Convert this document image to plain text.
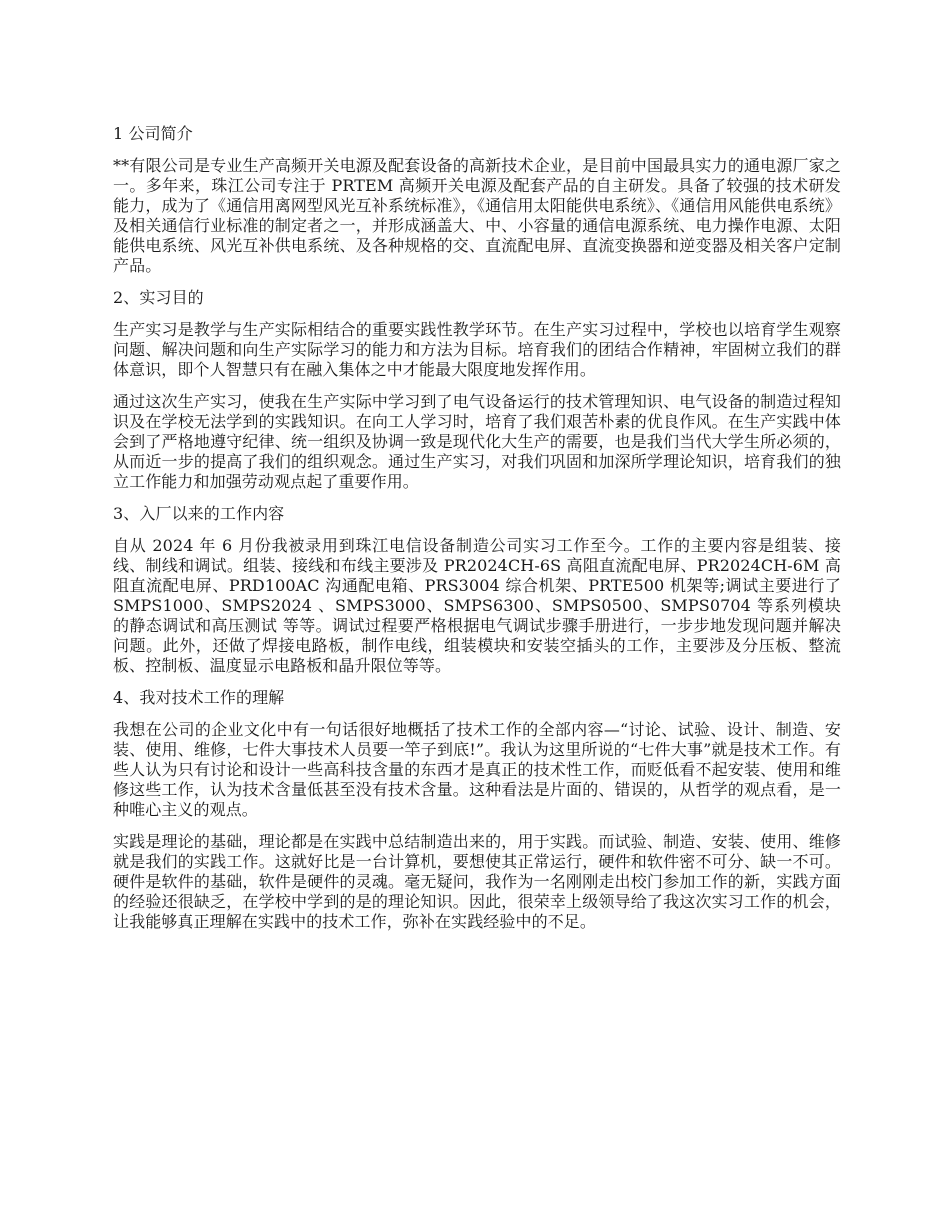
1 公司简介

**有限公司是专业生产高频开关电源及配套设备的高新技术企业，是目前中国最具实力的通电源厂家之一。多年来，珠江公司专注于 PRTEM 高频开关电源及配套产品的自主研发。具备了较强的技术研发能力，成为了《通信用离网型风光互补系统标准》，《通信用太阳能供电系统》、《通信用风能供电系统》及相关通信行业标准的制定者之一，并形成涵盖大、中、小容量的通信电源系统、电力操作电源、太阳能供电系统、风光互补供电系统、及各种规格的交、直流配电屏、直流变换器和逆变器及相关客户定制产品。

2、实习目的

生产实习是教学与生产实际相结合的重要实践性教学环节。在生产实习过程中，学校也以培育学生观察问题、解决问题和向生产实际学习的能力和方法为目标。培育我们的团结合作精神，牢固树立我们的群体意识，即个人智慧只有在融入集体之中才能最大限度地发挥作用。

通过这次生产实习，使我在生产实际中学习到了电气设备运行的技术管理知识、电气设备的制造过程知识及在学校无法学到的实践知识。在向工人学习时，培育了我们艰苦朴素的优良作风。在生产实践中体会到了严格地遵守纪律、统一组织及协调一致是现代化大生产的需要，也是我们当代大学生所必须的，从而近一步的提高了我们的组织观念。通过生产实习，对我们巩固和加深所学理论知识，培育我们的独立工作能力和加强劳动观点起了重要作用。

3、入厂以来的工作内容

自从 2024 年 6 月份我被录用到珠江电信设备制造公司实习工作至今。工作的主要内容是组装、接线、制线和调试。组装、接线和布线主要涉及 PR2024CH-6S 高阻直流配电屏、PR2024CH-6M 高阻直流配电屏、PRD100AC 沟通配电箱、PRS3004 综合机架、PRTE500 机架等;调试主要进行了 SMPS1000、SMPS2024 、SMPS3000、SMPS6300、SMPS0500、SMPS0704 等系列模块的静态调试和高压测试 等等。调试过程要严格根据电气调试步骤手册进行，一步步地发现问题并解决问题。此外，还做了焊接电路板，制作电线，组装模块和安装空插头的工作，主要涉及分压板、整流板、控制板、温度显示电路板和晶升限位等等。

4、我对技术工作的理解

我想在公司的企业文化中有一句话很好地概括了技术工作的全部内容—“讨论、试验、设计、制造、安装、使用、维修，七件大事技术人员要一竿子到底!”。我认为这里所说的“七件大事”就是技术工作。有些人认为只有讨论和设计一些高科技含量的东西才是真正的技术性工作，而贬低看不起安装、使用和维修这些工作，认为技术含量低甚至没有技术含量。这种看法是片面的、错误的，从哲学的观点看，是一种唯心主义的观点。

实践是理论的基础，理论都是在实践中总结制造出来的，用于实践。而试验、制造、安装、使用、维修就是我们的实践工作。这就好比是一台计算机，要想使其正常运行，硬件和软件密不可分、缺一不可。硬件是软件的基础，软件是硬件的灵魂。毫无疑问，我作为一名刚刚走出校门参加工作的新，实践方面的经验还很缺乏，在学校中学到的是的理论知识。因此，很荣幸上级领导给了我这次实习工作的机会，让我能够真正理解在实践中的技术工作，弥补在实践经验中的不足。
